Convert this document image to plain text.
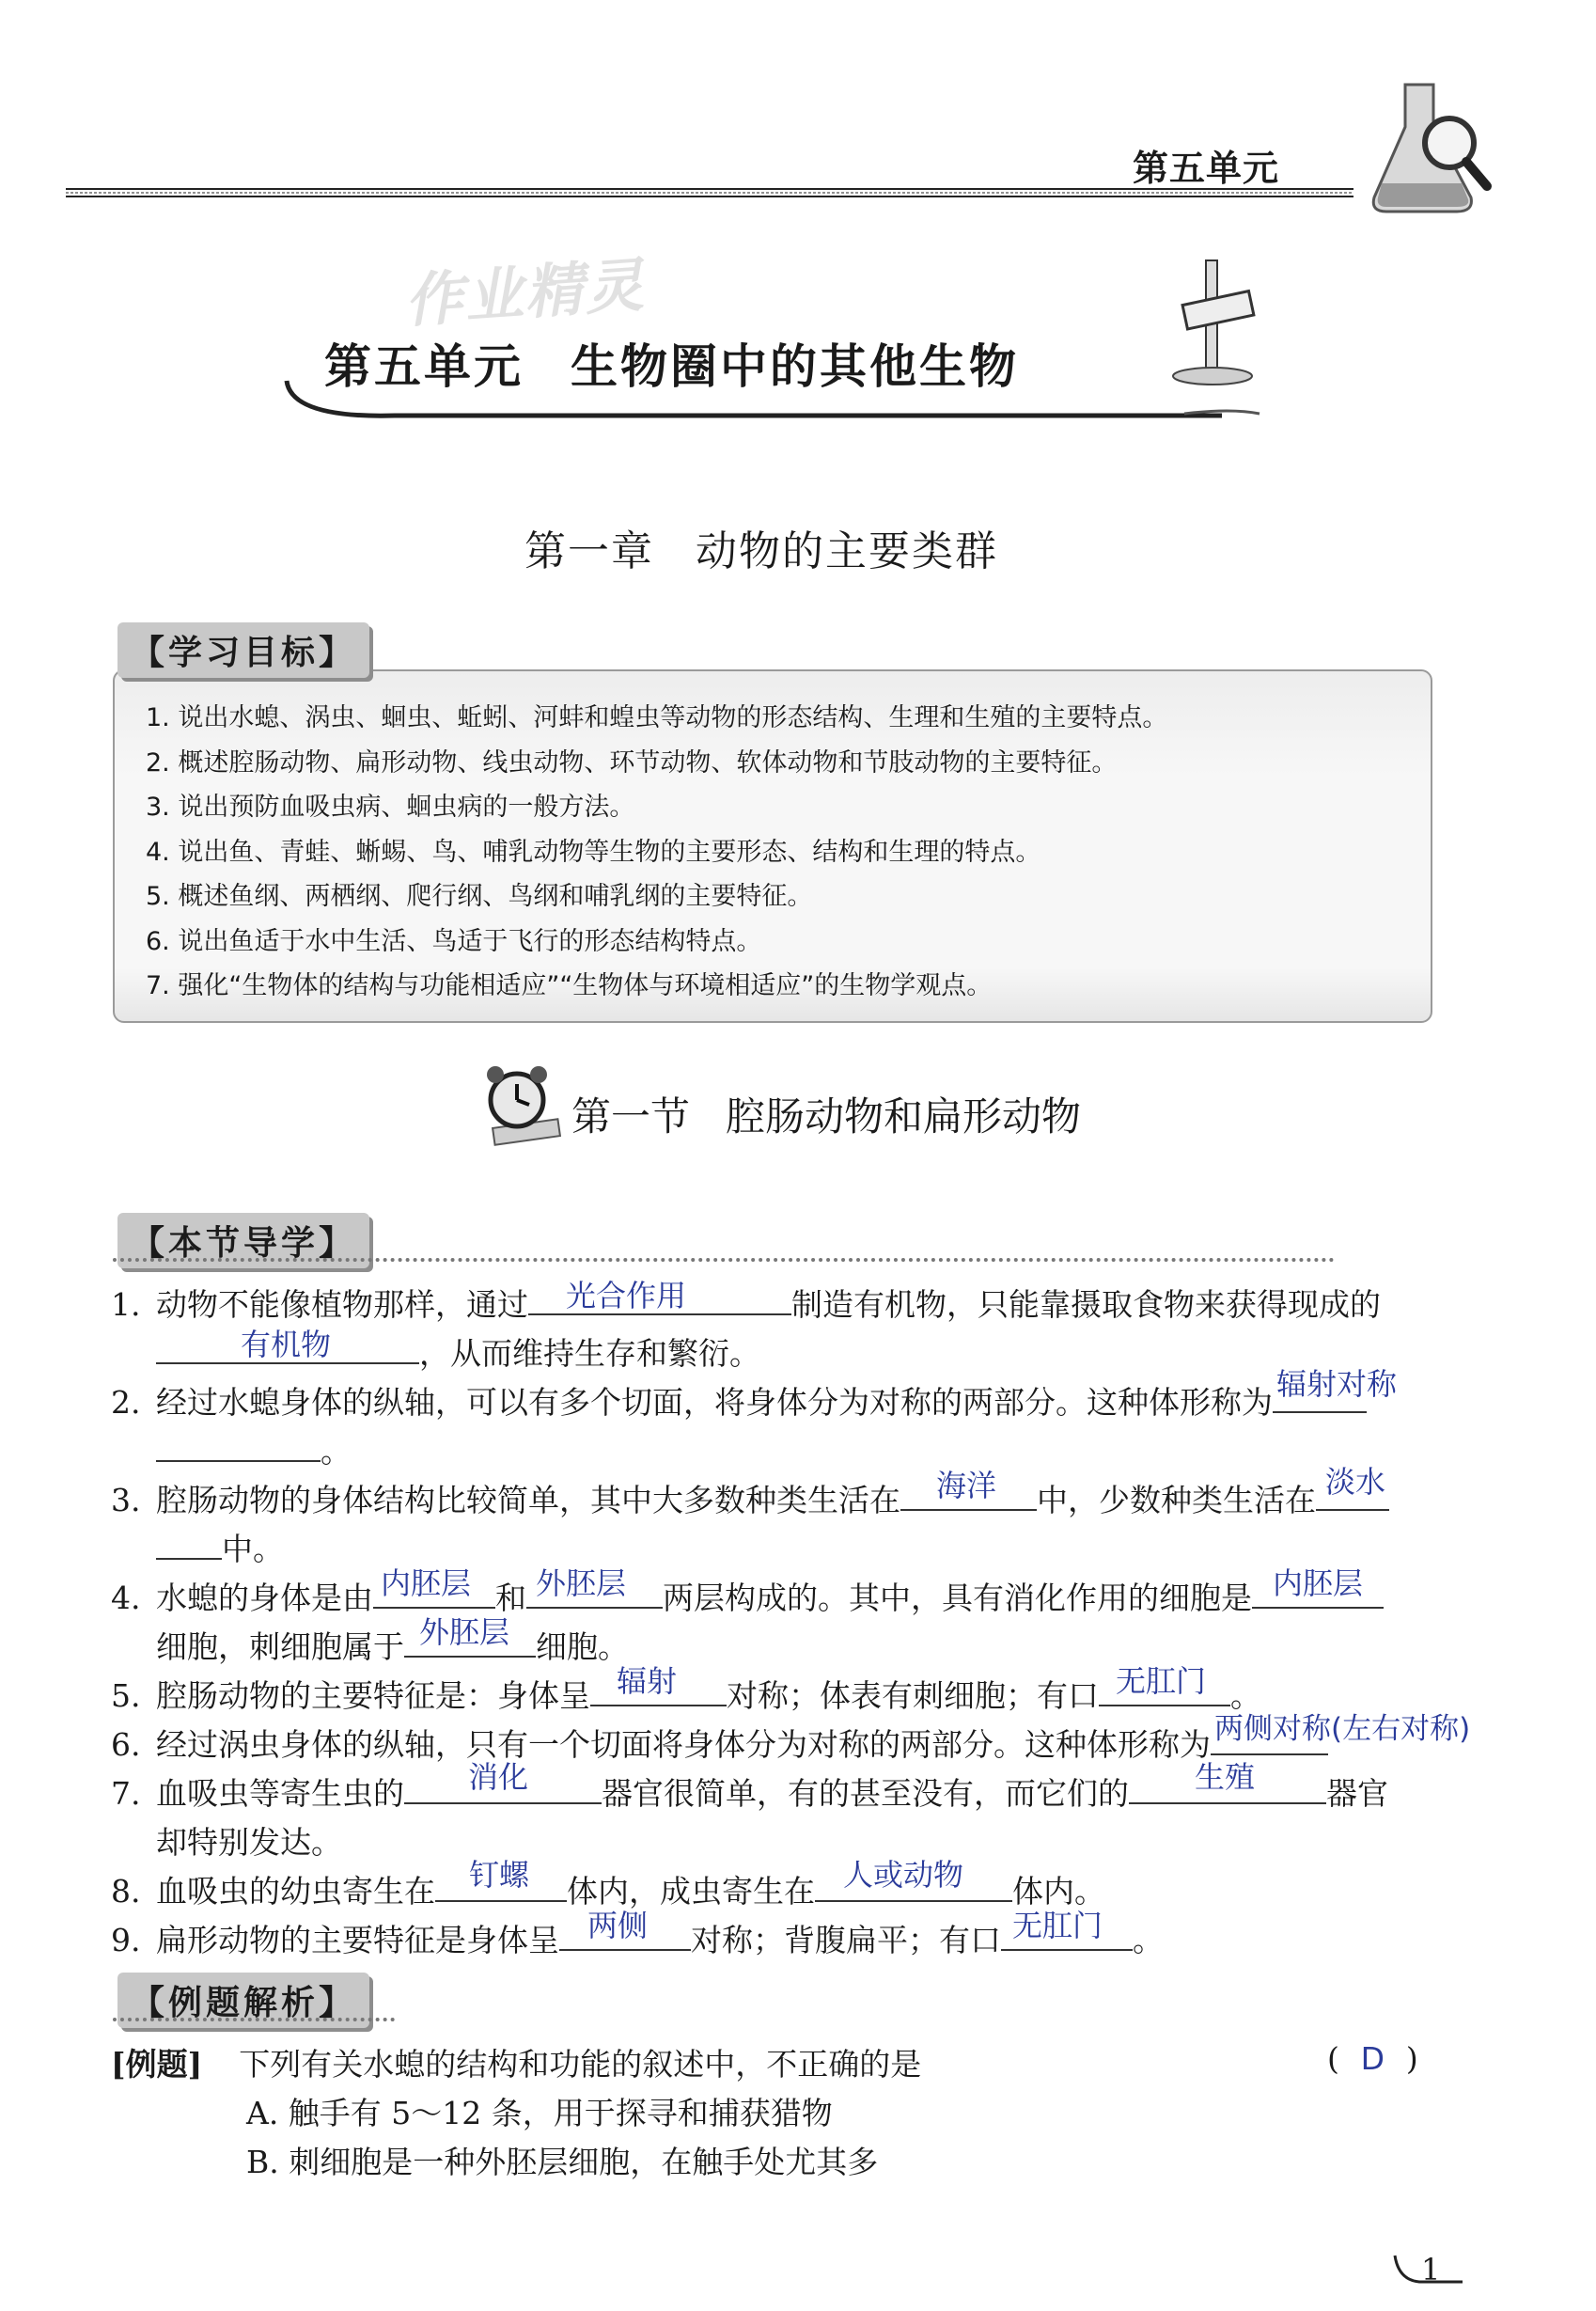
第五单元
作业精灵
第五单元 生物圈中的其他生物
第一章 动物的主要类群
【学习目标】
1. 说出水螅、涡虫、蛔虫、蚯蚓、河蚌和蝗虫等动物的形态结构、生理和生殖的主要特点。
2. 概述腔肠动物、扁形动物、线虫动物、环节动物、软体动物和节肢动物的主要特征。
3. 说出预防血吸虫病、蛔虫病的一般方法。
4. 说出鱼、青蛙、蜥蜴、鸟、哺乳动物等生物的主要形态、结构和生理的特点。
5. 概述鱼纲、两栖纲、爬行纲、鸟纲和哺乳纲的主要特征。
6. 说出鱼适于水中生活、鸟适于飞行的形态结构特点。
7. 强化“生物体的结构与功能相适应”“生物体与环境相适应”的生物学观点。
第一节 腔肠动物和扁形动物
【本节导学】
1. 动物不能像植物那样，通过 光合作用	制造有机物，只能靠摄取食物来获得现成的
有机物	，从而维持生存和繁衍。
2. 经过水螅身体的纵轴，可以有多个切面，将身体分为对称的两部分。这种体形称为 辐射对称
。
3. 腔肠动物的身体结构比较简单，其中大多数种类生活在 海洋 中，少数种类生活在 淡水
中。
4. 水螅的身体是由 内胚层 和 外胚层 两层构成的。其中，具有消化作用的细胞是 内胚层
细胞，刺细胞属于 外胚层 细胞。
5. 腔肠动物的主要特征是：身体呈 辐射 对称；体表有刺细胞；有口 无肛门 。
6. 经过涡虫身体的纵轴，只有一个切面将身体分为对称的两部分。这种体形称为 两侧对称(左右对称)
7. 血吸虫等寄生虫的 消化 器官很简单，有的甚至没有，而它们的 生殖 器官
却特别发达。
8. 血吸虫的幼虫寄生在 钉螺 体内，成虫寄生在 人或动物 体内。
9. 扁形动物的主要特征是身体呈 两侧 对称；背腹扁平；有口 无肛门 。
【例题解析】
[例题] 下列有关水螅的结构和功能的叙述中，不正确的是	( D )
A. 触手有 5～12 条，用于探寻和捕获猎物
B. 刺细胞是一种外胚层细胞，在触手处尤其多
1
